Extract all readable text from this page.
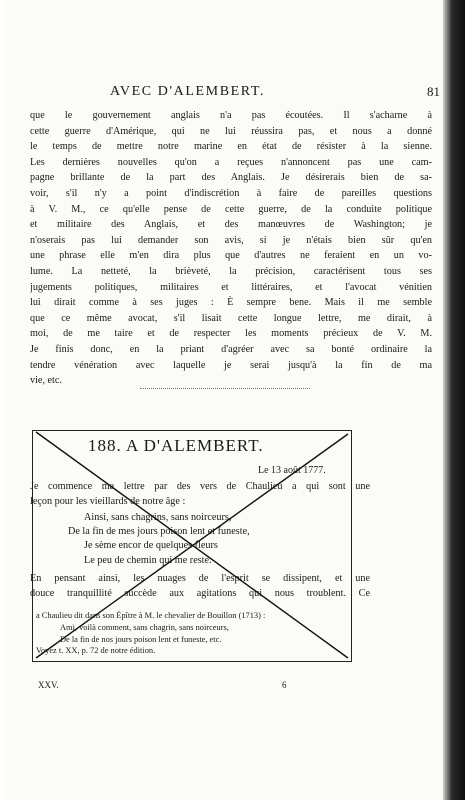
AVEC D'ALEMBERT.	81
que le gouvernement anglais n'a pas écoutées. Il s'acharne à
cette guerre d'Amérique, qui ne lui réussira pas, et nous a donné
le temps de mettre notre marine en état de résister à la sienne.
Les dernières nouvelles qu'on a reçues n'annoncent pas une cam-
pagne brillante de la part des Anglais. Je désirerais bien de sa-
voir, s'il n'y a point d'indiscrétion à faire de pareilles questions
à V. M., ce qu'elle pense de cette guerre, de la conduite politique
et militaire des Anglais, et des manœuvres de Washington; je
n'oserais pas lui demander son avis, si je n'étais bien sûr qu'en
une phrase elle m'en dira plus que d'autres ne feraient en un vo-
lume. La netteté, la brièveté, la précision, caractérisent tous ses
jugements politiques, militaires et littéraires, et l'avocat vénitien
lui dirait comme à ses juges : È sempre bene. Mais il me semble
que ce même avocat, s'il lisait cette longue lettre, me dirait, à
moi, de me taire et de respecter les moments précieux de V. M.
Je finis donc, en la priant d'agréer avec sa bonté ordinaire la
tendre vénération avec laquelle je serai jusqu'à la fin de ma
vie, etc.
188. A D'ALEMBERT.
Le 13 août 1777.
Je commence ma lettre par des vers de Chaulieu a qui sont une
leçon pour les vieillards de notre âge :
Ainsi, sans chagrins, sans noirceurs,
De la fin de mes jours poison lent et funeste,
Je sème encor de quelques fleurs
Le peu de chemin qui me reste.
En pensant ainsi, les nuages de l'esprit se dissipent, et une
douce tranquillité succède aux agitations qui nous troublent. Ce
a Chaulieu dit dans son Épître à M. le chevalier de Bouillon (1713) :
Ami, voilà comment, sans chagrin, sans noirceurs,
De la fin de nos jours poison lent et funeste, etc.
Voyez t. XX, p. 72 de notre édition.
XXV.	6
